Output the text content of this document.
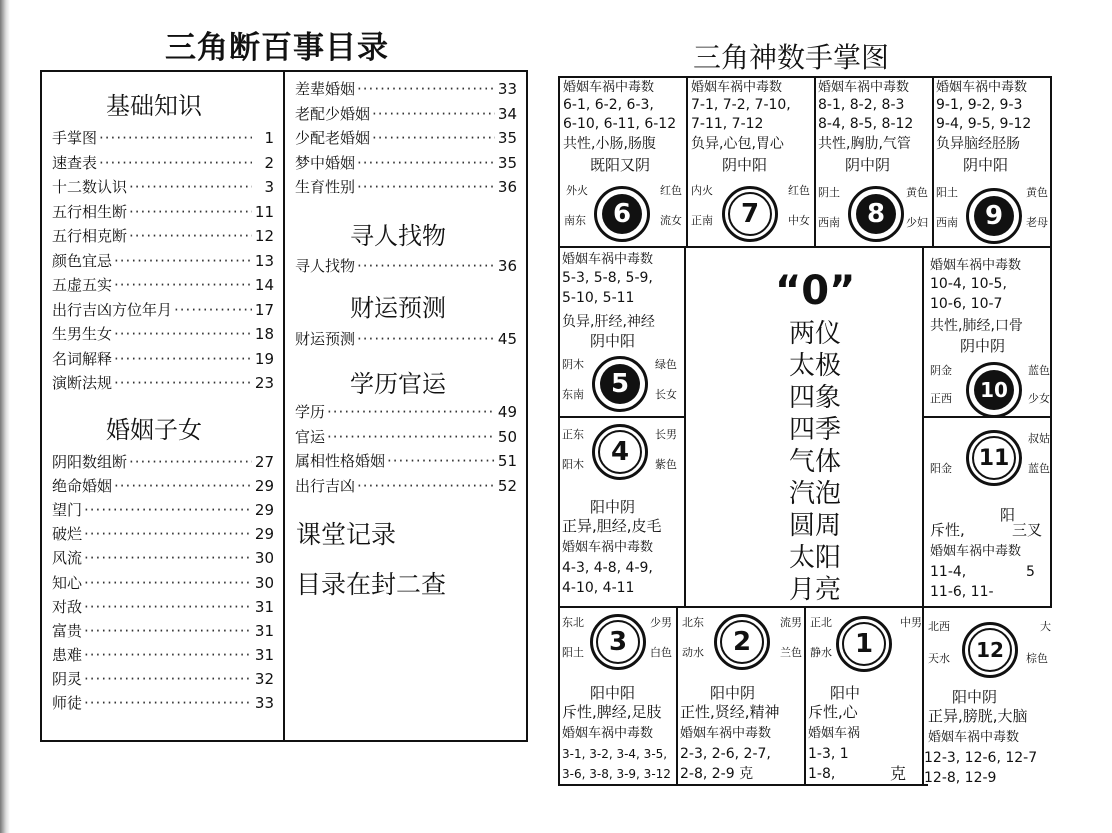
三角断百事目录
基础知识
手掌图 ·····	1
速查表 ·····	2
十二数认识 ·····	3
五行相生断 ·····	11
五行相克断 ·····	12
颜色宜忌 ·····	13
五虚五实 ·····	14
出行吉凶方位年月 ·····	17
生男生女 ·····	18
名词解释 ·····	19
演断法规 ·····	23
婚姻子女
阴阳数组断 ·····	27
绝命婚姻 ·····	29
望门 ·····	29
破烂 ·····	29
风流 ·····	30
知心 ·····	30
对敌 ·····	31
富贵 ·····	31
患难 ·····	31
阴灵 ·····	32
师徒 ·····	33
差辈婚姻 ·····	33
老配少婚姻 ·····	34
少配老婚姻 ·····	35
梦中婚姻 ·····	35
生育性别 ·····	36
寻人找物
寻人找物 ·····	36
财运预测
财运预测 ·····	45
学历官运
学历 ·····	49
官运 ·····	50
属相性格婚姻 ·····	51
出行吉凶 ·····	52
课堂记录
目录在封二查
三角神数手掌图
“0”
两仪
太极
四象
四季
气体
汽泡
圆周
太阳
月亮
婚姻车祸中毒数
6-1, 6-2, 6-3,
6-10, 6-11, 6-12
共性,小肠,肠腹
既阳又阴
外火	红色
南东	流女
6
婚姻车祸中毒数
7-1, 7-2, 7-10,
7-11, 7-12
负异,心包,胃心
阴中阳
内火	红色
正南	中女
7
婚姻车祸中毒数
8-1, 8-2, 8-3
8-4, 8-5, 8-12
共性,胸肋,气管
阴中阴
阴土	黄色
西南	少妇
8
婚姻车祸中毒数
9-1, 9-2, 9-3
9-4, 9-5, 9-12
负异脑经胫肠
阴中阳
阳土	黄色
西南	老母
9
婚姻车祸中毒数
5-3, 5-8, 5-9,
5-10, 5-11
负异,肝经,神经
阴中阳
阴木	绿色
东南	长女
5
正东	长男
阳木	紫色
4
阳中阴
正异,胆经,皮毛
婚姻车祸中毒数
4-3, 4-8, 4-9,
4-10, 4-11
婚姻车祸中毒数
10-4, 10-5,
10-6, 10-7
共性,肺经,口骨
阴中阴
阴金	蓝色
正西	少女
10
阳金
叔姑
蓝色
11
阳
斥性,	三叉
婚姻车祸中毒数
11-4,	5
11-6, 11-
东北	少男
阳土	白色
3
阳中阳
斥性,脾经,足肢
婚姻车祸中毒数
3-1, 3-2, 3-4, 3-5,
3-6, 3-8, 3-9, 3-12
北东	流男
动水	兰色
2
阳中阴
正性,贤经,精神
婚姻车祸中毒数
2-3, 2-6, 2-7,
2-8, 2-9 克
正北	中男
静水 1
阳中
斥性,心
婚姻车祸
1-3, 1
1-8,	克
北西	大
天水	棕色
12
阳中阴
正异,膀胱,大脑
婚姻车祸中毒数
12-3, 12-6, 12-7
12-8, 12-9
